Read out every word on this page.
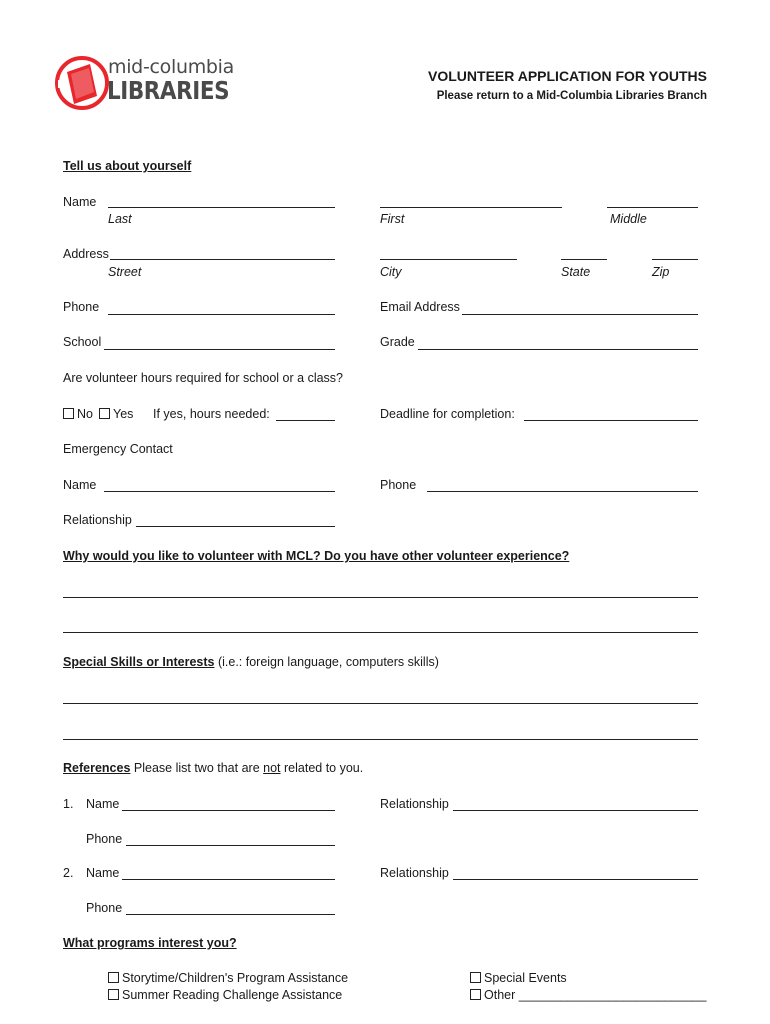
mid-columbia
LIBRARIES	VOLUNTEER APPLICATION FOR YOUTHS
Please return to a Mid-Columbia Libraries Branch
Tell us about yourself
Name
Last	First	Middle
Address
Street	City	State	Zip
Phone	Email Address
School	Grade
Are volunteer hours required for school or a class?
No	Yes If yes, hours needed:	Deadline for completion:
Emergency Contact
Name	Phone
Relationship
Why would you like to volunteer with MCL? Do you have other volunteer experience?
Special Skills or Interests (i.e.: foreign language, computers skills)
References Please list two that are not related to you.
1. Name	Relationship
Phone
2. Name	Relationship
Phone
What programs interest you?
Storytime/Children's Program Assistance
Summer Reading Challenge Assistance
Special Events
Other ___________________________
